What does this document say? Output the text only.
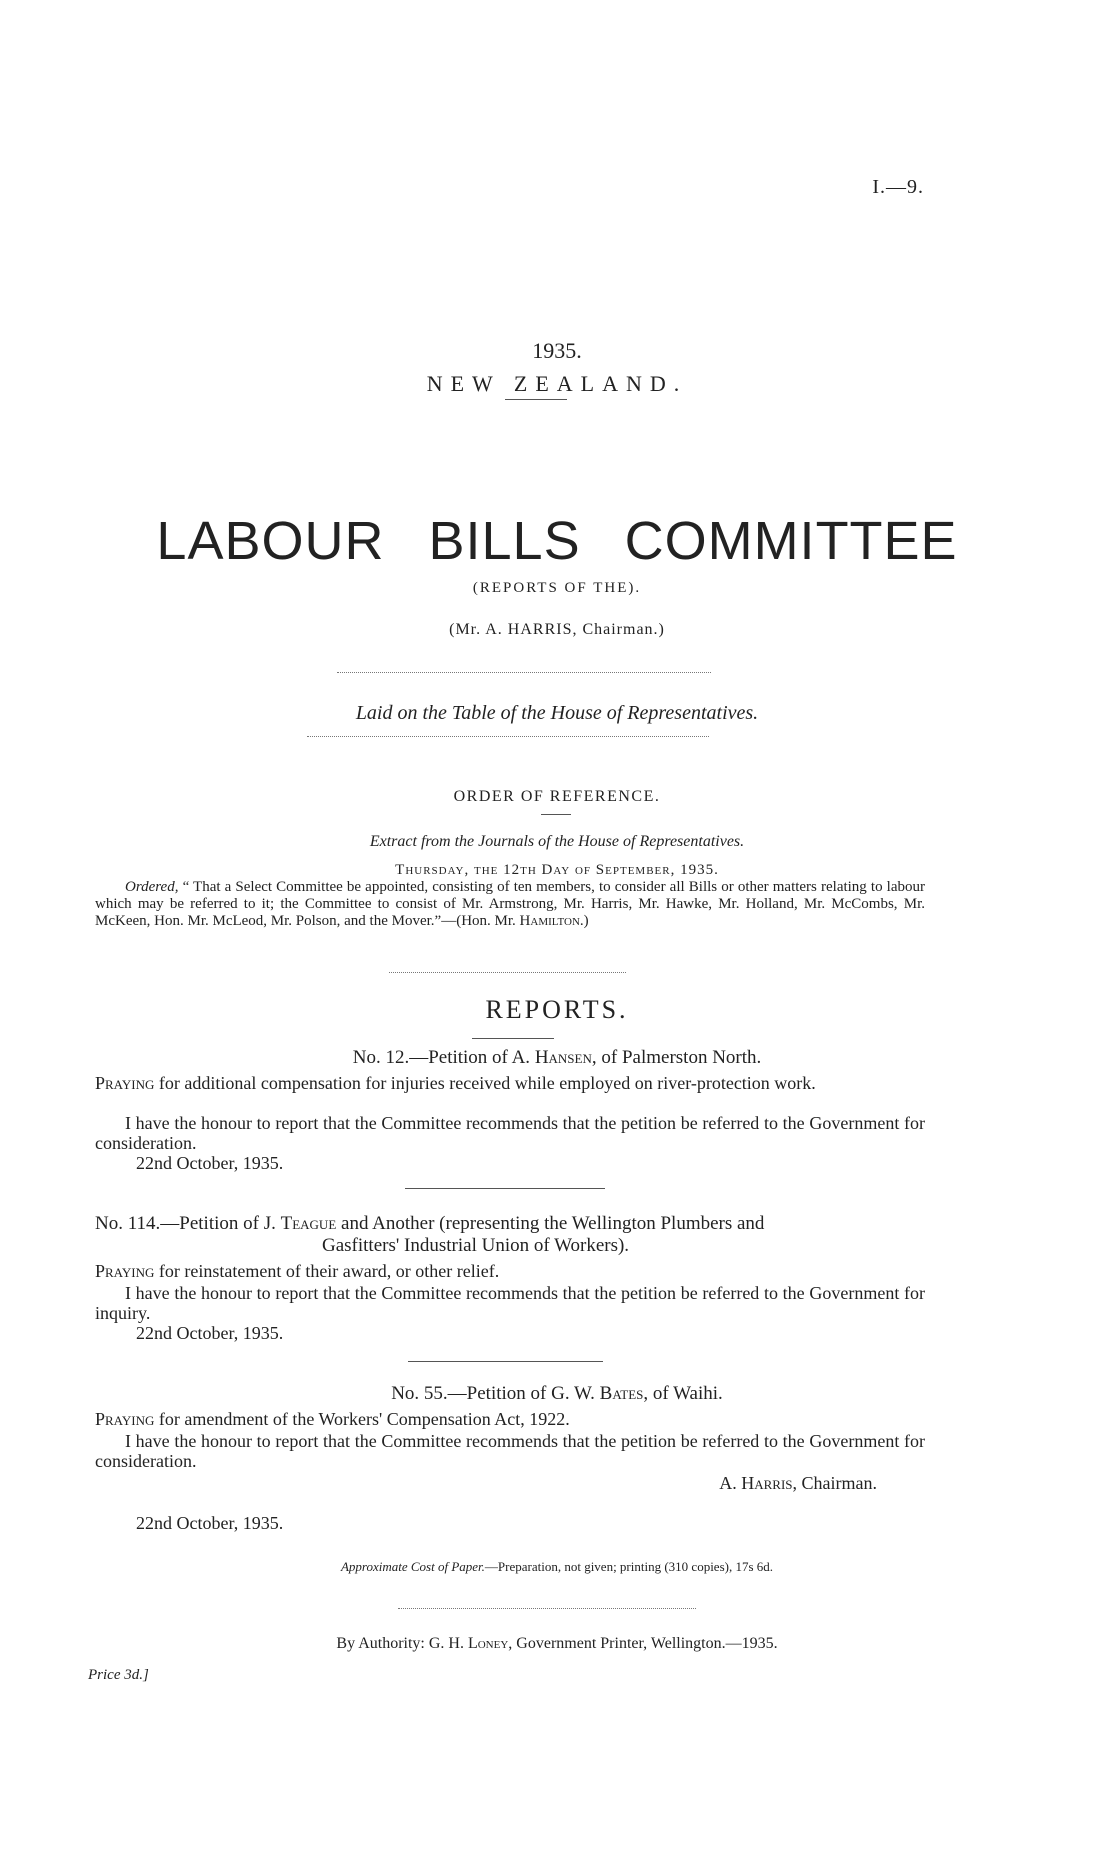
I.—9.
1935.
NEW ZEALAND.
LABOUR BILLS COMMITTEE
(REPORTS OF THE).
(Mr. A. HARRIS, Chairman.)
Laid on the Table of the House of Representatives.
ORDER OF REFERENCE.
Extract from the Journals of the House of Representatives.
Thursday, the 12th Day of September, 1935.
Ordered, “ That a Select Committee be appointed, consisting of ten members, to consider all Bills or other matters relating to labour which may be referred to it; the Committee to consist of Mr. Armstrong, Mr. Harris, Mr. Hawke, Mr. Holland, Mr. McCombs, Mr. McKeen, Hon. Mr. McLeod, Mr. Polson, and the Mover.”—(Hon. Mr. Hamilton.)
REPORTS.
No. 12.—Petition of A. Hansen, of Palmerston North.
Praying for additional compensation for injuries received while employed on river-protection work.
I have the honour to report that the Committee recommends that the petition be referred to the Government for consideration.
22nd October, 1935.
No. 114.—Petition of J. Teague and Another (representing the Wellington Plumbers and
Gasfitters' Industrial Union of Workers).
Praying for reinstatement of their award, or other relief.
I have the honour to report that the Committee recommends that the petition be referred to the Government for inquiry.
22nd October, 1935.
No. 55.—Petition of G. W. Bates, of Waihi.
Praying for amendment of the Workers' Compensation Act, 1922.
I have the honour to report that the Committee recommends that the petition be referred to the Government for consideration.
A. Harris, Chairman.
22nd October, 1935.
Approximate Cost of Paper.—Preparation, not given; printing (310 copies), 17s 6d.
By Authority: G. H. Loney, Government Printer, Wellington.—1935.
Price 3d.]
